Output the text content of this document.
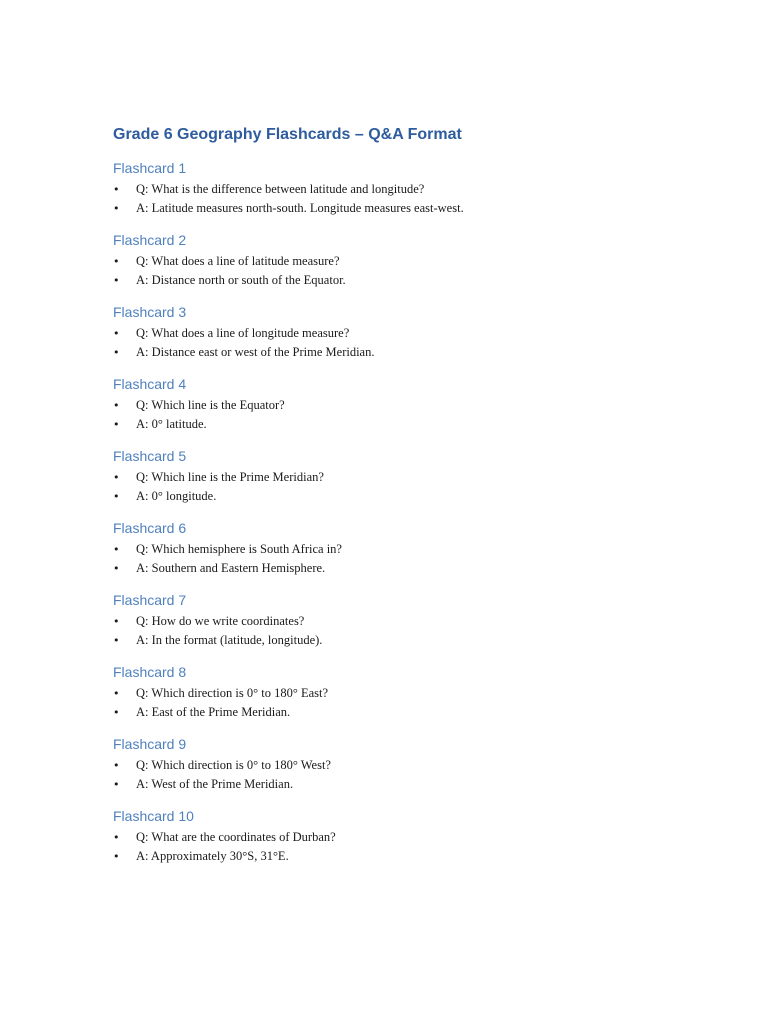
Grade 6 Geography Flashcards – Q&A Format
Flashcard 1
• Q: What is the difference between latitude and longitude?
• A: Latitude measures north-south. Longitude measures east-west.
Flashcard 2
• Q: What does a line of latitude measure?
• A: Distance north or south of the Equator.
Flashcard 3
• Q: What does a line of longitude measure?
• A: Distance east or west of the Prime Meridian.
Flashcard 4
• Q: Which line is the Equator?
• A: 0° latitude.
Flashcard 5
• Q: Which line is the Prime Meridian?
• A: 0° longitude.
Flashcard 6
• Q: Which hemisphere is South Africa in?
• A: Southern and Eastern Hemisphere.
Flashcard 7
• Q: How do we write coordinates?
• A: In the format (latitude, longitude).
Flashcard 8
• Q: Which direction is 0° to 180° East?
• A: East of the Prime Meridian.
Flashcard 9
• Q: Which direction is 0° to 180° West?
• A: West of the Prime Meridian.
Flashcard 10
• Q: What are the coordinates of Durban?
• A: Approximately 30°S, 31°E.
